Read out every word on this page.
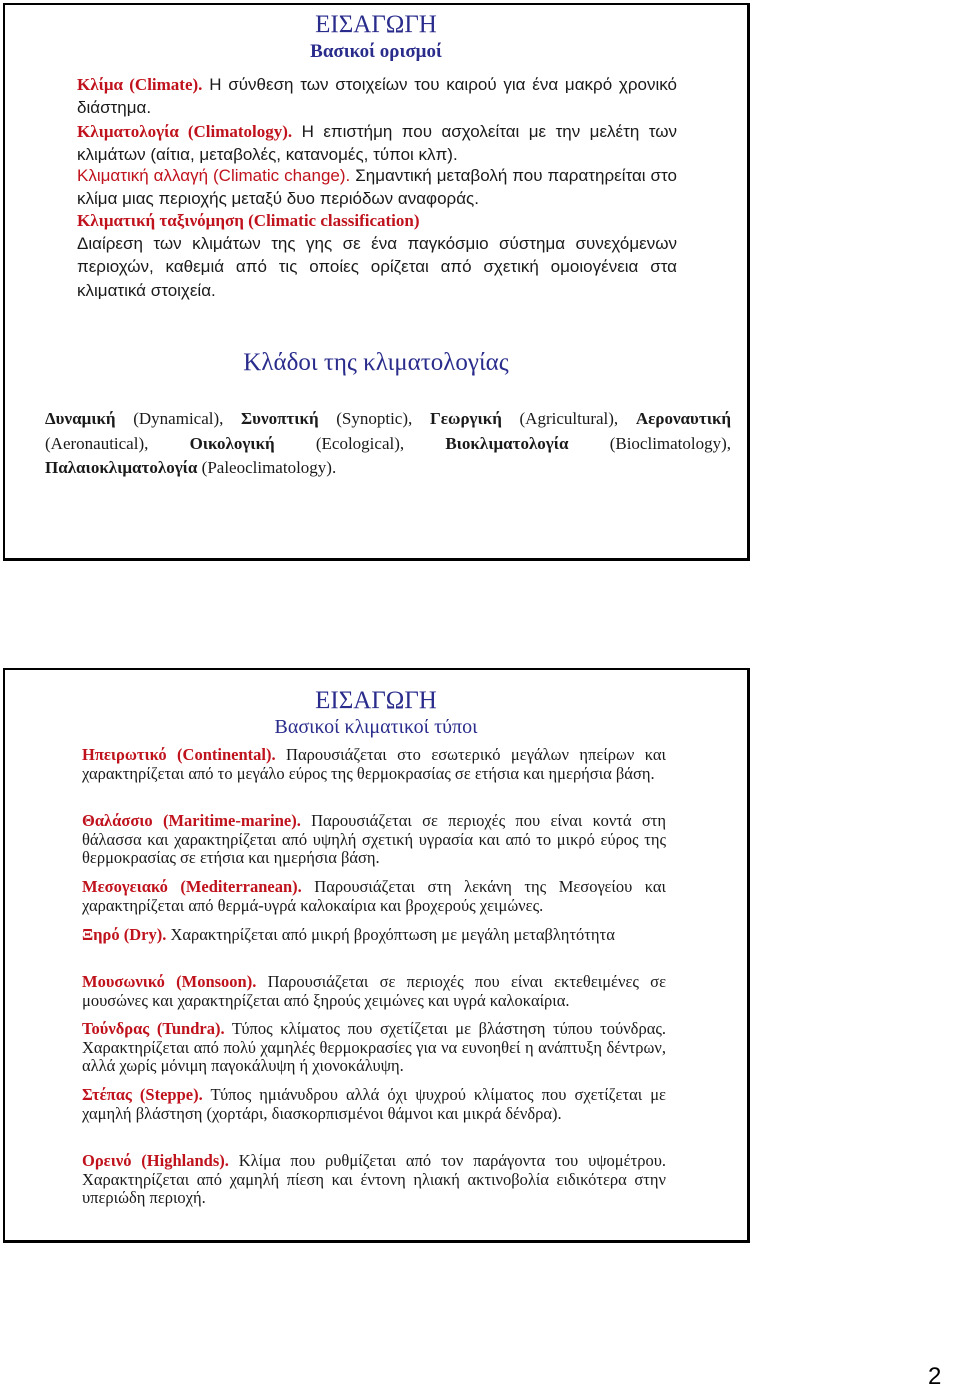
ΕΙΣΑΓΩΓΗ
Βασικοί ορισμοί
Κλίμα (Climate). Η σύνθεση των στοιχείων του καιρού για ένα μακρό χρονικό διάστημα.
Κλιματολογία (Climatology). Η επιστήμη που ασχολείται με την μελέτη των κλιμάτων (αίτια, μεταβολές, κατανομές, τύποι κλπ).
Κλιματική αλλαγή (Climatic change). Σημαντική μεταβολή που παρατηρείται στο κλίμα μιας περιοχής μεταξύ δυο περιόδων αναφοράς.
Κλιματική ταξινόμηση (Climatic classification)
Διαίρεση των κλιμάτων της γης σε ένα παγκόσμιο σύστημα συνεχόμενων περιοχών, καθεμιά από τις οποίες ορίζεται από σχετική ομοιογένεια στα κλιματικά στοιχεία.
Κλάδοι της κλιματολογίας
Δυναμική (Dynamical), Συνοπτική (Synoptic), Γεωργική (Agricultural), Αεροναυτική (Aeronautical), Οικολογική (Ecological), Βιοκλιματολογία (Bioclimatology), Παλαιοκλιματολογία (Paleoclimatology).
ΕΙΣΑΓΩΓΗ
Βασικοί κλιματικοί τύποι
Ηπειρωτικό (Continental). Παρουσιάζεται στο εσωτερικό μεγάλων ηπείρων και χαρακτηρίζεται από το μεγάλο εύρος της θερμοκρασίας σε ετήσια και ημερήσια βάση.
Θαλάσσιο (Maritime-marine). Παρουσιάζεται σε περιοχές που είναι κοντά στη θάλασσα και χαρακτηρίζεται από υψηλή σχετική υγρασία και από το μικρό εύρος της θερμοκρασίας σε ετήσια και ημερήσια βάση.
Μεσογειακό (Mediterranean). Παρουσιάζεται στη λεκάνη της Μεσογείου και χαρακτηρίζεται από θερμά-υγρά καλοκαίρια και βροχερούς χειμώνες.
Ξηρό (Dry). Χαρακτηρίζεται από μικρή βροχόπτωση με μεγάλη μεταβλητότητα
Μουσωνικό (Monsoon). Παρουσιάζεται σε περιοχές που είναι εκτεθειμένες σε μουσώνες και χαρακτηρίζεται από ξηρούς χειμώνες και υγρά καλοκαίρια.
Τούνδρας (Tundra). Τύπος κλίματος που σχετίζεται με βλάστηση τύπου τούνδρας. Χαρακτηρίζεται από πολύ χαμηλές θερμοκρασίες για να ευνοηθεί η ανάπτυξη δέντρων, αλλά χωρίς μόνιμη παγοκάλυψη ή χιονοκάλυψη.
Στέπας (Steppe). Τύπος ημιάνυδρου αλλά όχι ψυχρού κλίματος που σχετίζεται με χαμηλή βλάστηση (χορτάρι, διασκορπισμένοι θάμνοι και μικρά δένδρα).
Ορεινό (Highlands). Κλίμα που ρυθμίζεται από τον παράγοντα του υψομέτρου. Χαρακτηρίζεται από χαμηλή πίεση και έντονη ηλιακή ακτινοβολία ειδικότερα στην υπεριώδη περιοχή.
2
